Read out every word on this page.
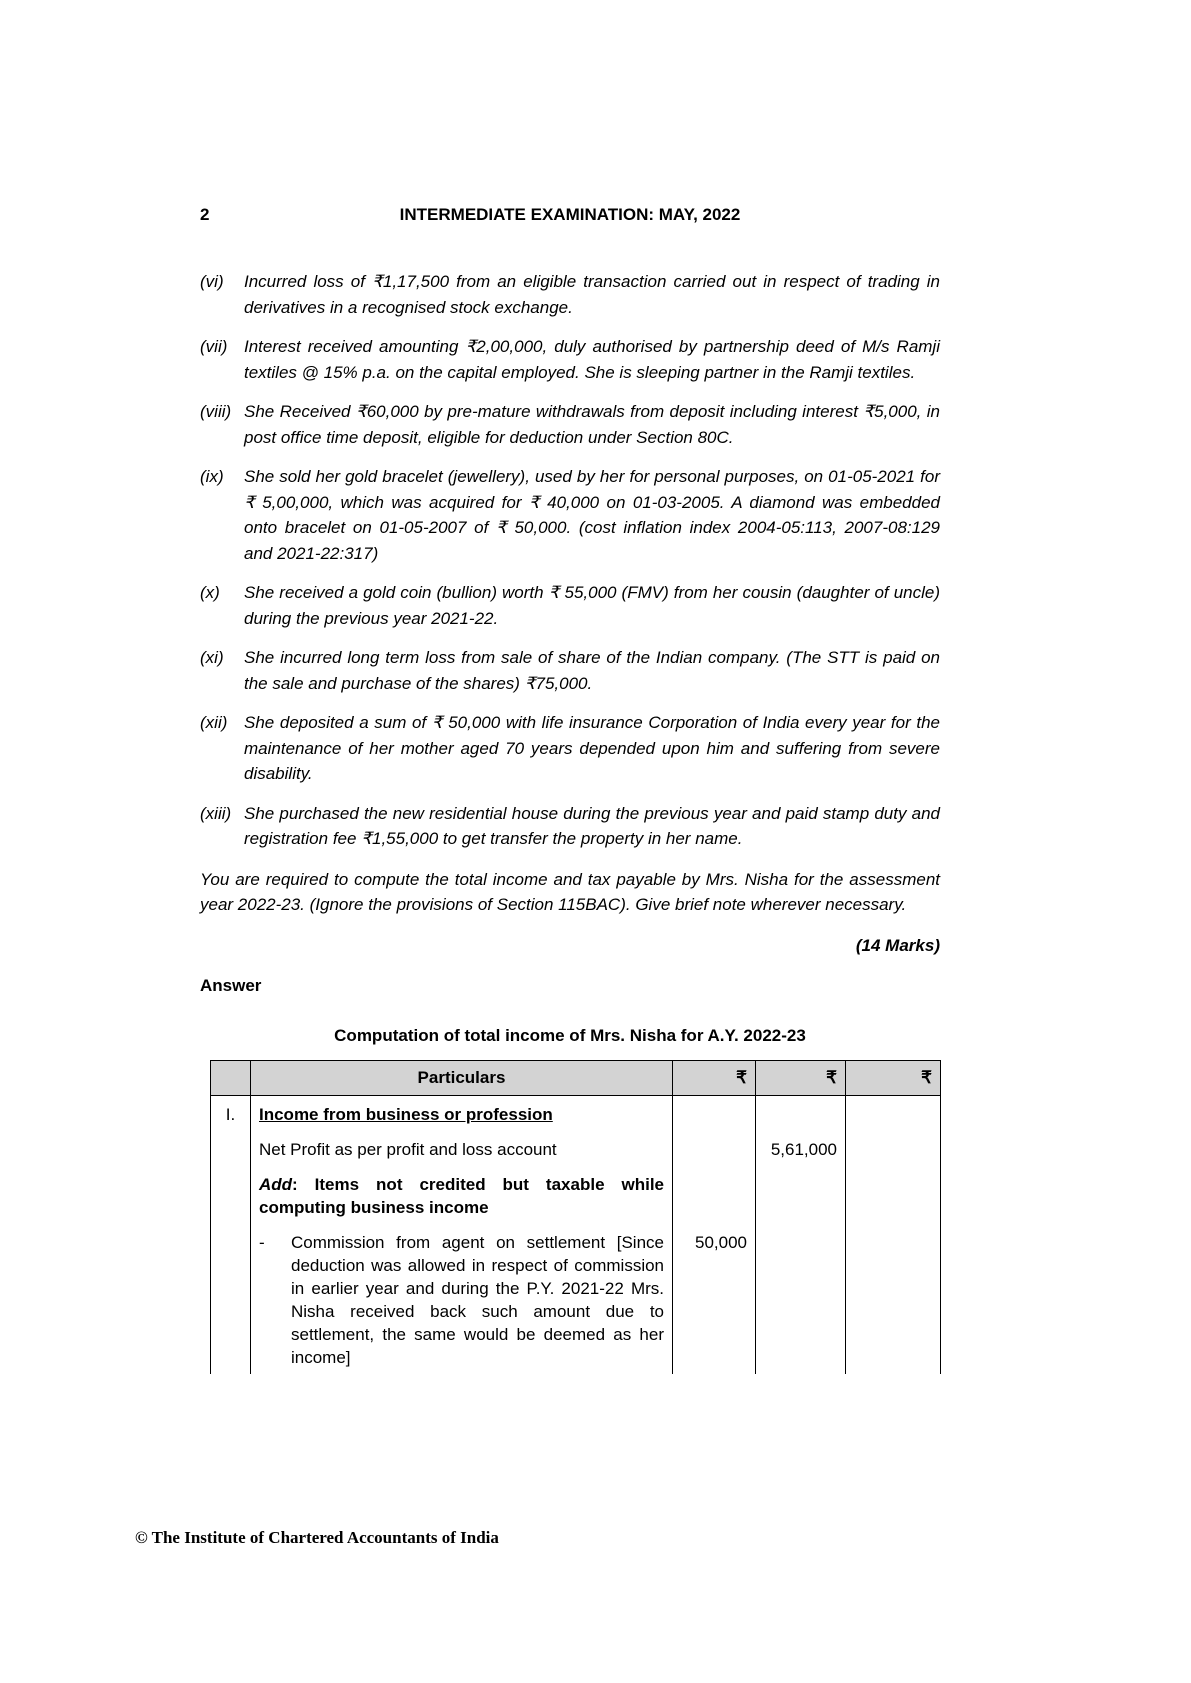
2	INTERMEDIATE EXAMINATION: MAY, 2022
(vi)	Incurred loss of ₹1,17,500 from an eligible transaction carried out in respect of trading in derivatives in a recognised stock exchange.
(vii) Interest received amounting ₹2,00,000, duly authorised by partnership deed of M/s Ramji textiles @ 15% p.a. on the capital employed. She is sleeping partner in the Ramji textiles.
(viii) She Received ₹60,000 by pre-mature withdrawals from deposit including interest ₹5,000, in post office time deposit, eligible for deduction under Section 80C.
(ix)	She sold her gold bracelet (jewellery), used by her for personal purposes, on 01-05-2021 for ₹ 5,00,000, which was acquired for ₹ 40,000 on 01-03-2005. A diamond was embedded onto bracelet on 01-05-2007 of ₹ 50,000. (cost inflation index 2004-05:113, 2007-08:129 and 2021-22:317)
(x)	She received a gold coin (bullion) worth ₹ 55,000 (FMV) from her cousin (daughter of uncle) during the previous year 2021-22.
(xi)	She incurred long term loss from sale of share of the Indian company. (The STT is paid on the sale and purchase of the shares) ₹75,000.
(xii) She deposited a sum of ₹ 50,000 with life insurance Corporation of India every year for the maintenance of her mother aged 70 years depended upon him and suffering from severe disability.
(xiii) She purchased the new residential house during the previous year and paid stamp duty and registration fee ₹1,55,000 to get transfer the property in her name.

You are required to compute the total income and tax payable by Mrs. Nisha for the assessment year 2022-23. (Ignore the provisions of Section 115BAC). Give brief note wherever necessary.

(14 Marks)

Answer

Computation of total income of Mrs. Nisha for A.Y. 2022-23
	Particulars	₹	₹	₹
I.	Income from business or profession			
	Net Profit as per profit and loss account		5,61,000	
	Add: Items not credited but taxable while computing business income			

	- Commission from agent on settlement [Since deduction was allowed in respect of commission in earlier year and during the P.Y. 2021-22 Mrs. Nisha received back such amount due to settlement, the same would be deemed as her income]	50,000		
© The Institute of Chartered Accountants of India
